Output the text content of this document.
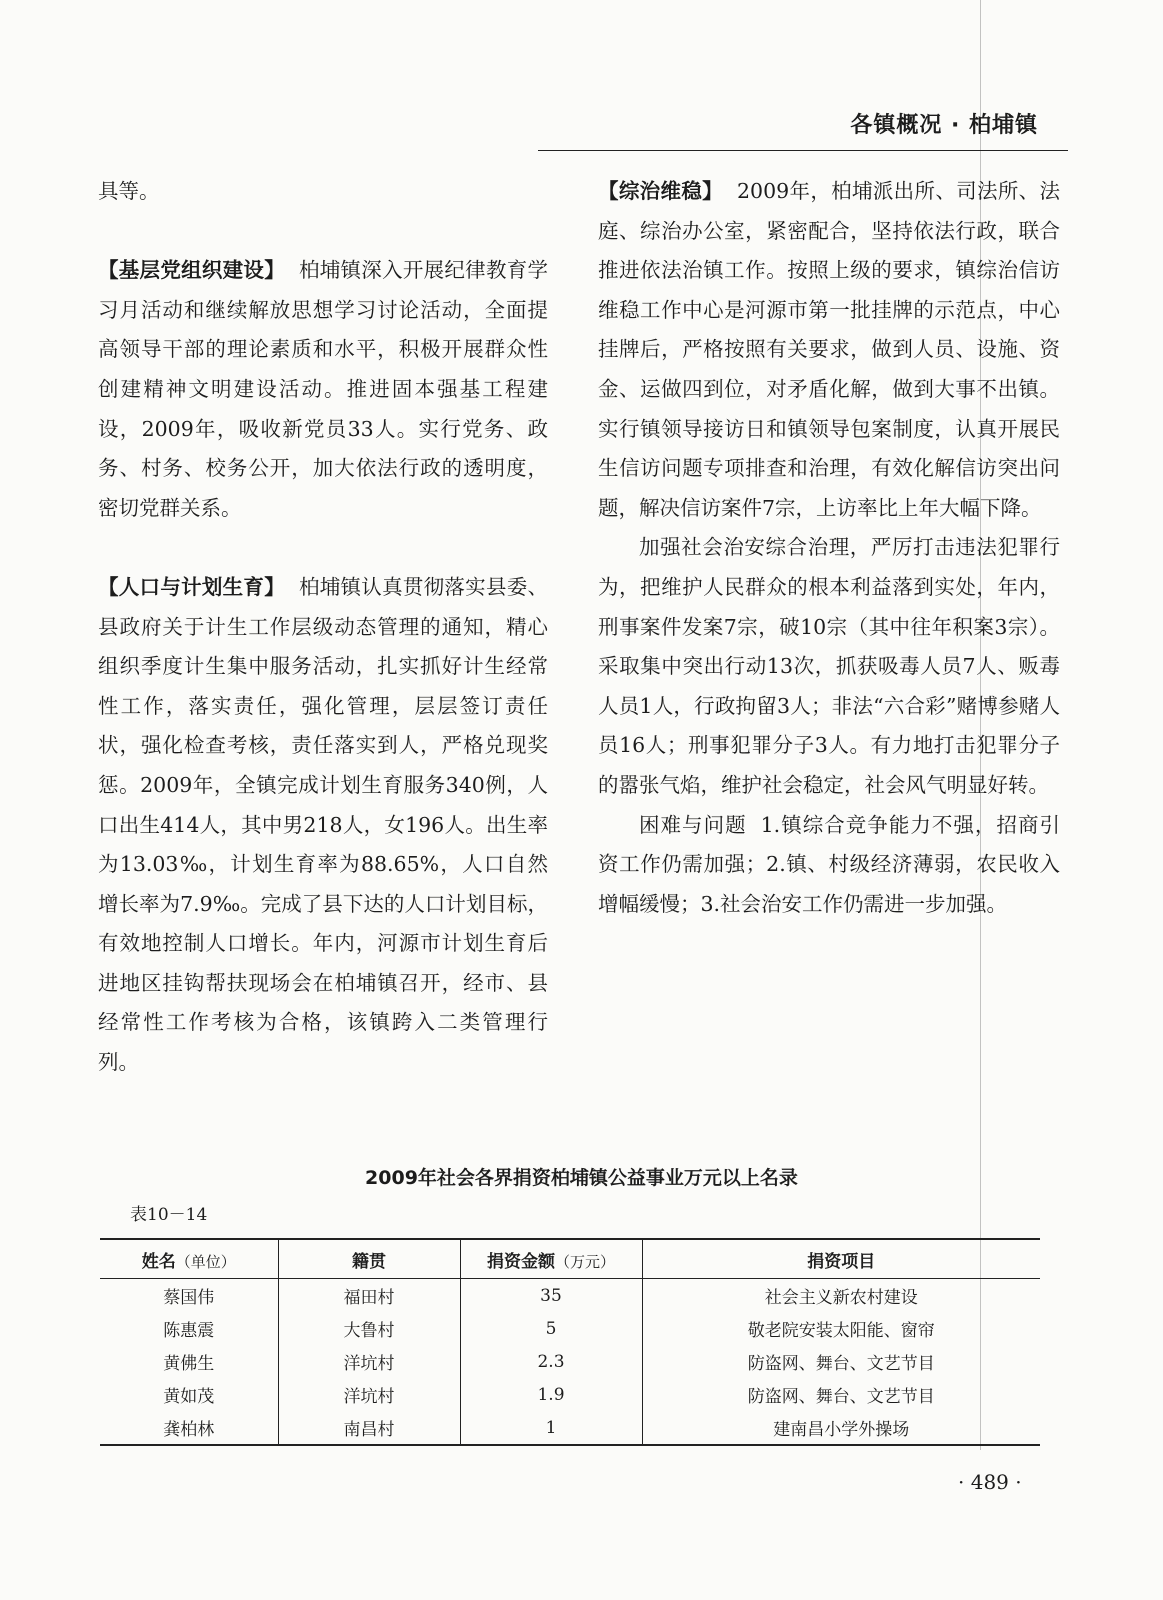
各镇概况 · 柏埔镇

具等。

【基层党组织建设】 柏埔镇深入开展纪律教育学习月活动和继续解放思想学习讨论活动，全面提高领导干部的理论素质和水平，积极开展群众性创建精神文明建设活动。推进固本强基工程建设，2009年，吸收新党员33人。实行党务、政务、村务、校务公开，加大依法行政的透明度，密切党群关系。

【人口与计划生育】 柏埔镇认真贯彻落实县委、县政府关于计生工作层级动态管理的通知，精心组织季度计生集中服务活动，扎实抓好计生经常性工作，落实责任，强化管理，层层签订责任状，强化检查考核，责任落实到人，严格兑现奖惩。2009年，全镇完成计划生育服务340例，人口出生414人，其中男218人，女196人。出生率为13.03‰，计划生育率为88.65%，人口自然增长率为7.9‰。完成了县下达的人口计划目标，有效地控制人口增长。年内，河源市计划生育后进地区挂钩帮扶现场会在柏埔镇召开，经市、县经常性工作考核为合格，该镇跨入二类管理行列。

【综治维稳】 2009年，柏埔派出所、司法所、法庭、综治办公室，紧密配合，坚持依法行政，联合推进依法治镇工作。按照上级的要求，镇综治信访维稳工作中心是河源市第一批挂牌的示范点，中心挂牌后，严格按照有关要求，做到人员、设施、资金、运做四到位，对矛盾化解，做到大事不出镇。实行镇领导接访日和镇领导包案制度，认真开展民生信访问题专项排查和治理，有效化解信访突出问题，解决信访案件7宗，上访率比上年大幅下降。

加强社会治安综合治理，严厉打击违法犯罪行为，把维护人民群众的根本利益落到实处，年内，刑事案件发案7宗，破10宗（其中往年积案3宗）。采取集中突出行动13次，抓获吸毒人员7人、贩毒人员1人，行政拘留3人；非法“六合彩”赌博参赌人员16人；刑事犯罪分子3人。有力地打击犯罪分子的嚣张气焰，维护社会稳定，社会风气明显好转。

困难与问题 1.镇综合竞争能力不强，招商引资工作仍需加强；2.镇、村级经济薄弱，农民收入增幅缓慢；3.社会治安工作仍需进一步加强。

2009年社会各界捐资柏埔镇公益事业万元以上名录
表10－14
姓名（单位）	籍贯	捐资金额（万元）	捐资项目
蔡国伟	福田村	35	社会主义新农村建设
陈惠震	大鲁村	5	敬老院安装太阳能、窗帘
黄佛生	洋坑村	2.3	防盗网、舞台、文艺节目
黄如茂	洋坑村	1.9	防盗网、舞台、文艺节目
龚柏林	南昌村	1	建南昌小学外操场
· 489 ·
